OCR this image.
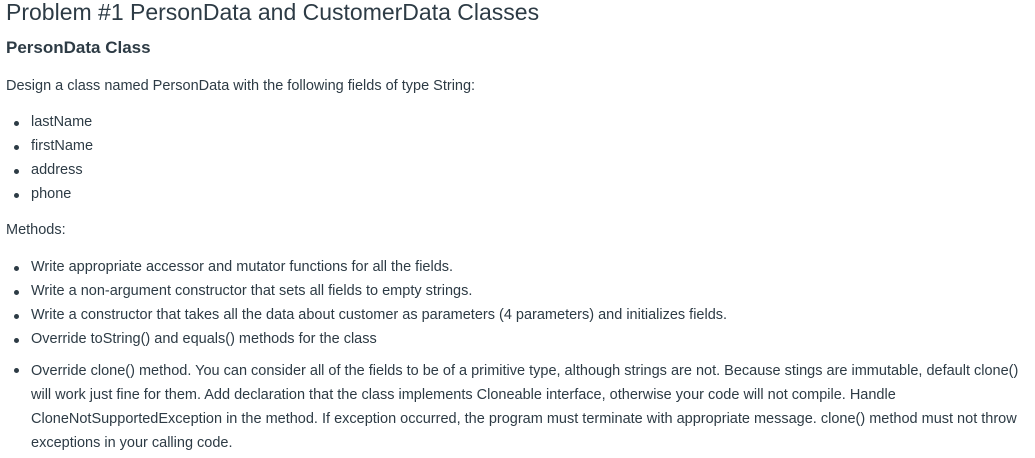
Problem #1 PersonData and CustomerData Classes
PersonData Class

Design a class named PersonData with the following fields of type String:

lastName
firstName
address
phone

Methods:

Write appropriate accessor and mutator functions for all the fields.
Write a non-argument constructor that sets all fields to empty strings.
Write a constructor that takes all the data about customer as parameters (4 parameters) and initializes fields.
Override toString() and equals() methods for the class
Override clone() method. You can consider all of the fields to be of a primitive type, although strings are not. Because stings are immutable, default clone() will work just fine for them. Add declaration that the class implements Cloneable interface, otherwise your code will not compile. Handle CloneNotSupportedException in the method. If exception occurred, the program must terminate with appropriate message. clone() method must not throw exceptions in your calling code.
